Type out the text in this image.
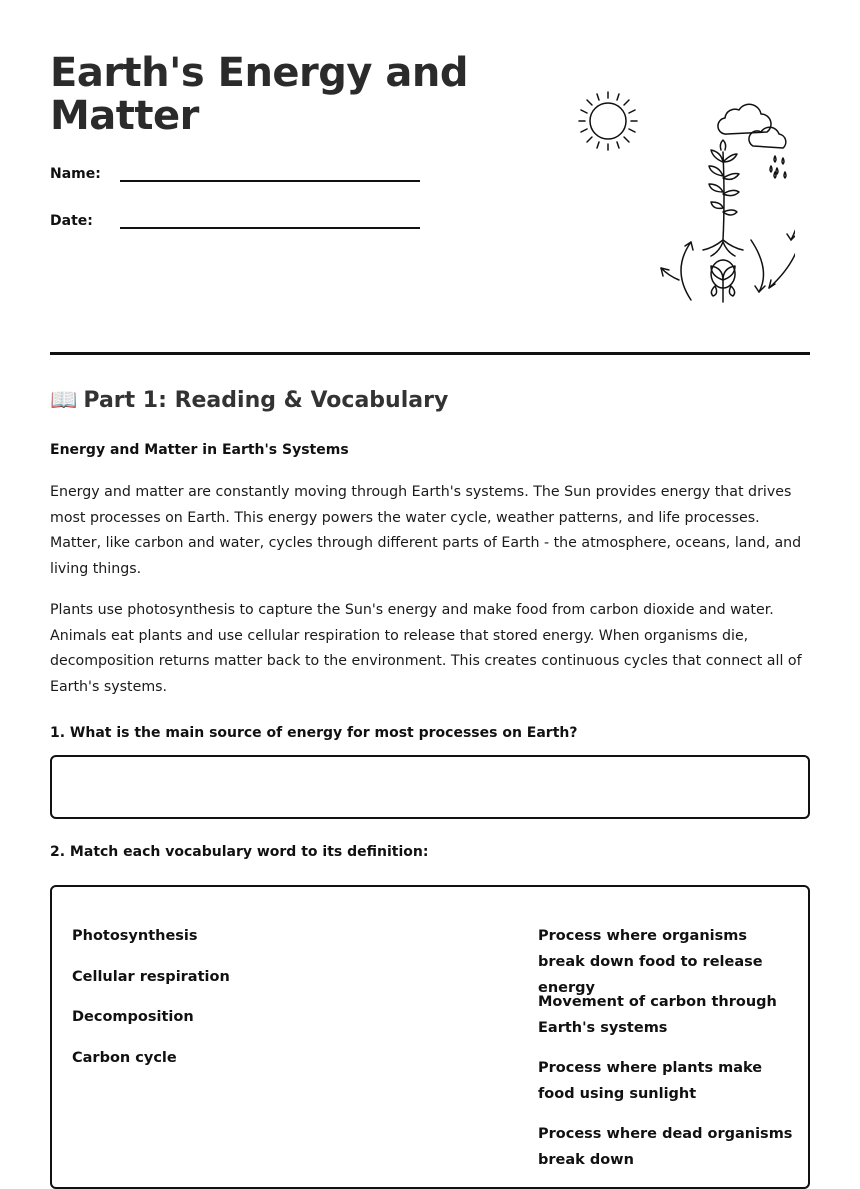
Earth's Energy and
Matter
Name:
Date:
📖 Part 1: Reading & Vocabulary
Energy and Matter in Earth's Systems

Energy and matter are constantly moving through Earth's systems. The Sun provides energy that drives most processes on Earth. This energy powers the water cycle, weather patterns, and life processes. Matter, like carbon and water, cycles through different parts of Earth - the atmosphere, oceans, land, and living things.

Plants use photosynthesis to capture the Sun's energy and make food from carbon dioxide and water. Animals eat plants and use cellular respiration to release that stored energy. When organisms die, decomposition returns matter back to the environment. This creates continuous cycles that connect all of Earth's systems.

1. What is the main source of energy for most processes on Earth?
2. Match each vocabulary word to its definition:
Photosynthesis
Cellular respiration
Decomposition
Carbon cycle
Process where organisms break down food to release energy
Movement of carbon through Earth's systems
Process where plants make food using sunlight
Process where dead organisms break down
